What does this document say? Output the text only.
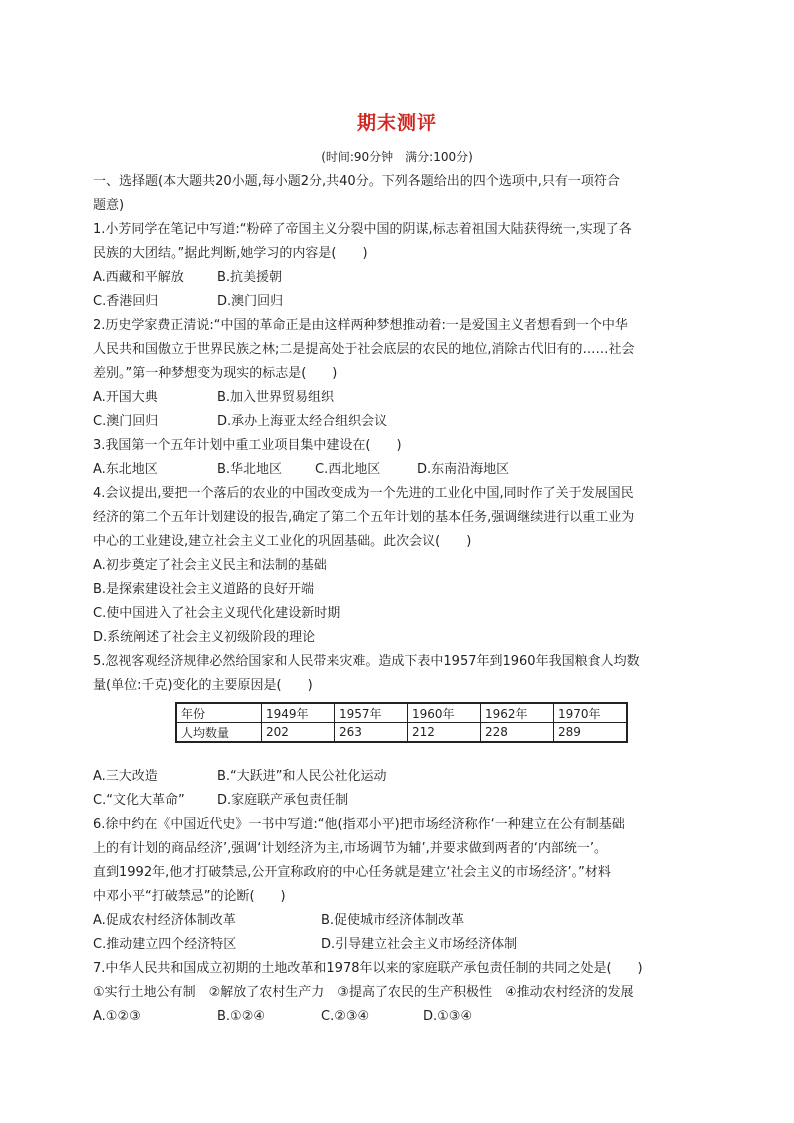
期末测评
(时间:90分钟　满分:100分)
一、选择题(本大题共20小题,每小题2分,共40分。下列各题给出的四个选项中,只有一项符合
题意)
1.小芳同学在笔记中写道:“粉碎了帝国主义分裂中国的阴谋,标志着祖国大陆获得统一,实现了各
民族的大团结。”据此判断,她学习的内容是(　　)
A.西藏和平解放	B.抗美援朝
C.香港回归	D.澳门回归
2.历史学家费正清说:“中国的革命正是由这样两种梦想推动着:一是爱国主义者想看到一个中华
人民共和国傲立于世界民族之林;二是提高处于社会底层的农民的地位,消除古代旧有的……社会
差别。”第一种梦想变为现实的标志是(　　)
A.开国大典	B.加入世界贸易组织
C.澳门回归	D.承办上海亚太经合组织会议
3.我国第一个五年计划中重工业项目集中建设在(　　)
A.东北地区	B.华北地区	C.西北地区	D.东南沿海地区
4.会议提出,要把一个落后的农业的中国改变成为一个先进的工业化中国,同时作了关于发展国民
经济的第二个五年计划建设的报告,确定了第二个五年计划的基本任务,强调继续进行以重工业为
中心的工业建设,建立社会主义工业化的巩固基础。此次会议(　　)
A.初步奠定了社会主义民主和法制的基础
B.是探索建设社会主义道路的良好开端
C.使中国进入了社会主义现代化建设新时期
D.系统阐述了社会主义初级阶段的理论
5.忽视客观经济规律必然给国家和人民带来灾难。造成下表中1957年到1960年我国粮食人均数
量(单位:千克)变化的主要原因是(　　)
年份	1949年	1957年	1960年	1962年	1970年
人均数量	202	263	212	228	289
A.三大改造	B.“大跃进”和人民公社化运动
C.“文化大革命”	D.家庭联产承包责任制
6.徐中约在《中国近代史》一书中写道:“他(指邓小平)把市场经济称作‘一种建立在公有制基础
上的有计划的商品经济’,强调‘计划经济为主,市场调节为辅’,并要求做到两者的‘内部统一’。
直到1992年,他才打破禁忌,公开宣称政府的中心任务就是建立‘社会主义的市场经济’。”材料
中邓小平“打破禁忌”的论断(　　)
A.促成农村经济体制改革	B.促使城市经济体制改革
C.推动建立四个经济特区	D.引导建立社会主义市场经济体制
7.中华人民共和国成立初期的土地改革和1978年以来的家庭联产承包责任制的共同之处是(　　)
①实行土地公有制　②解放了农村生产力　③提高了农民的生产积极性　④推动农村经济的发展
A.①②③	B.①②④	C.②③④	D.①③④
